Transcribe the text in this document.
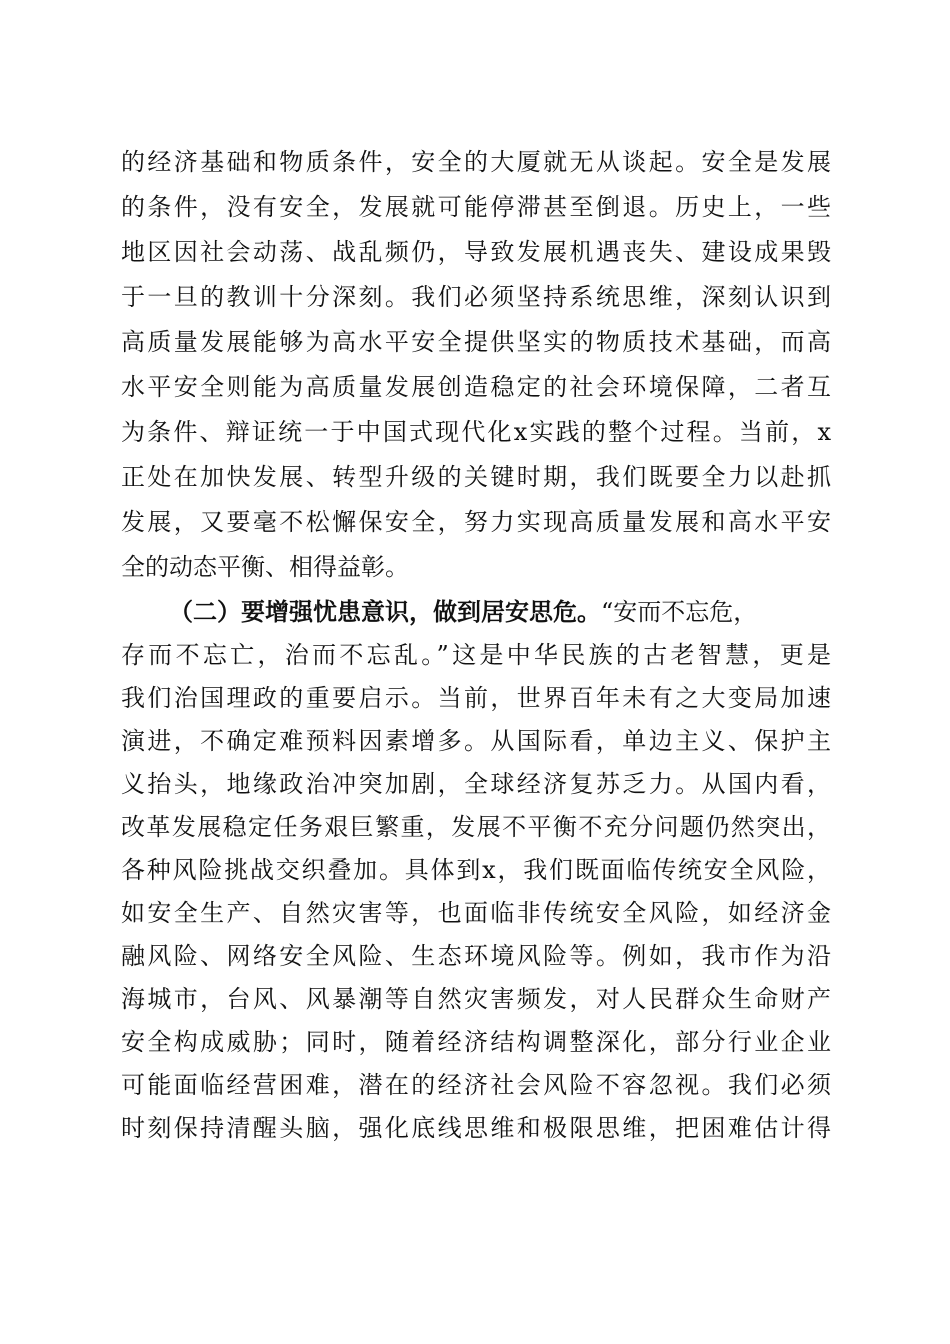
的经济基础和物质条件，安全的大厦就无从谈起。安全是发展
的条件，没有安全，发展就可能停滞甚至倒退。历史上，一些
地区因社会动荡、战乱频仍，导致发展机遇丧失、建设成果毁
于一旦的教训十分深刻。我们必须坚持系统思维，深刻认识到
高质量发展能够为高水平安全提供坚实的物质技术基础，而高
水平安全则能为高质量发展创造稳定的社会环境保障，二者互
为条件、辩证统一于中国式现代化x实践的整个过程。当前，x
正处在加快发展、转型升级的关键时期，我们既要全力以赴抓
发展，又要毫不松懈保安全，努力实现高质量发展和高水平安
全的动态平衡、相得益彰。
（二）要增强忧患意识，做到居安思危。“安而不忘危，
存而不忘亡，治而不忘乱。”这是中华民族的古老智慧，更是
我们治国理政的重要启示。当前，世界百年未有之大变局加速
演进，不确定难预料因素增多。从国际看，单边主义、保护主
义抬头，地缘政治冲突加剧，全球经济复苏乏力。从国内看，
改革发展稳定任务艰巨繁重，发展不平衡不充分问题仍然突出，
各种风险挑战交织叠加。具体到x，我们既面临传统安全风险，
如安全生产、自然灾害等，也面临非传统安全风险，如经济金
融风险、网络安全风险、生态环境风险等。例如，我市作为沿
海城市，台风、风暴潮等自然灾害频发，对人民群众生命财产
安全构成威胁；同时，随着经济结构调整深化，部分行业企业
可能面临经营困难，潜在的经济社会风险不容忽视。我们必须
时刻保持清醒头脑，强化底线思维和极限思维，把困难估计得
